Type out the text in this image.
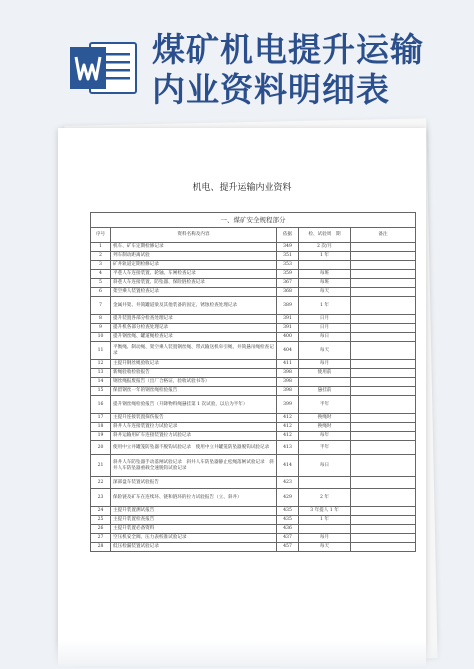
煤矿机电提升运输
内业资料明细表
机电、提升运输内业资料
一、煤矿安全规程部分				
序号	资料名称及内容	依据	检、试验周　期	备注
1	机车、矿车定期检修记录	349	2 次/月	
2	列车制动距离试验	351	1 年	
3	矿井轨道定期检修记录	353		
4	平巷人车连接装置、轮轴、车闸检查记录	359	每班	
5	斜巷人车连接装置、防坠器、保险链检查记录	367	每班	
6	架空乘人装置检查记录	368	每天	
7	金属井架、井筒罐道梁及其他装备的固定、锈蚀检查处理记录	389	1 年	
8	提升装置各部分检查处理记录	391	日月	
9	提升机各部分检查处理记录	391	日月	
10	提升钢丝绳、罐道绳检查记录	400	每日	
11	平衡绳、制动绳、架空乘人装置钢丝绳、带式输送机牵引绳、井筒悬吊绳检查记录	404	每天	
12	主提升钢丝绳验收记录	411	每月	
13	新绳验收检验报告	398	使用前	
14	钢丝绳报废报告（出厂合格证，验收试验书等）	398		
15	保留钢丝一年的钢丝绳检验报告	398	悬挂前	
16	提升钢丝绳检验报告（升降物料绳悬挂第 1 次试验，以后为半年）	399	半年	
17	主提升连接装置探伤报告	412	换绳时	
18	斜井人车连接装置拉力试验记录	412	换绳时	
19	斜井运输用矿车连接装置拉力试验记录	412	每年	
20	使用中立井罐笼防坠器不脱钩试验记录　使用中立井罐笼防坠器脱钩试验记录	413	半年	
21	斜井人车防坠器手动落闸试验记录　斜井人车防坠器静止松绳落闸试验记录　斜井人车防坠器重载全速脱钩试验记录	414	每日	
22	深部盘车装置试验报告	423		
23	保险链及矿车在连续环、链和链环的拉力试验报告（立、斜井）	429	2 年	
24	主提升装置测试报告	435	3 年提人 1 年	
25	主提升装置检查报告	435	1 年	
26	主提升装置必备资料	436		
27	空压机安全阀、压力表校准试验记录	437	每月	
28	低压检漏装置试验记录	457	每天	
